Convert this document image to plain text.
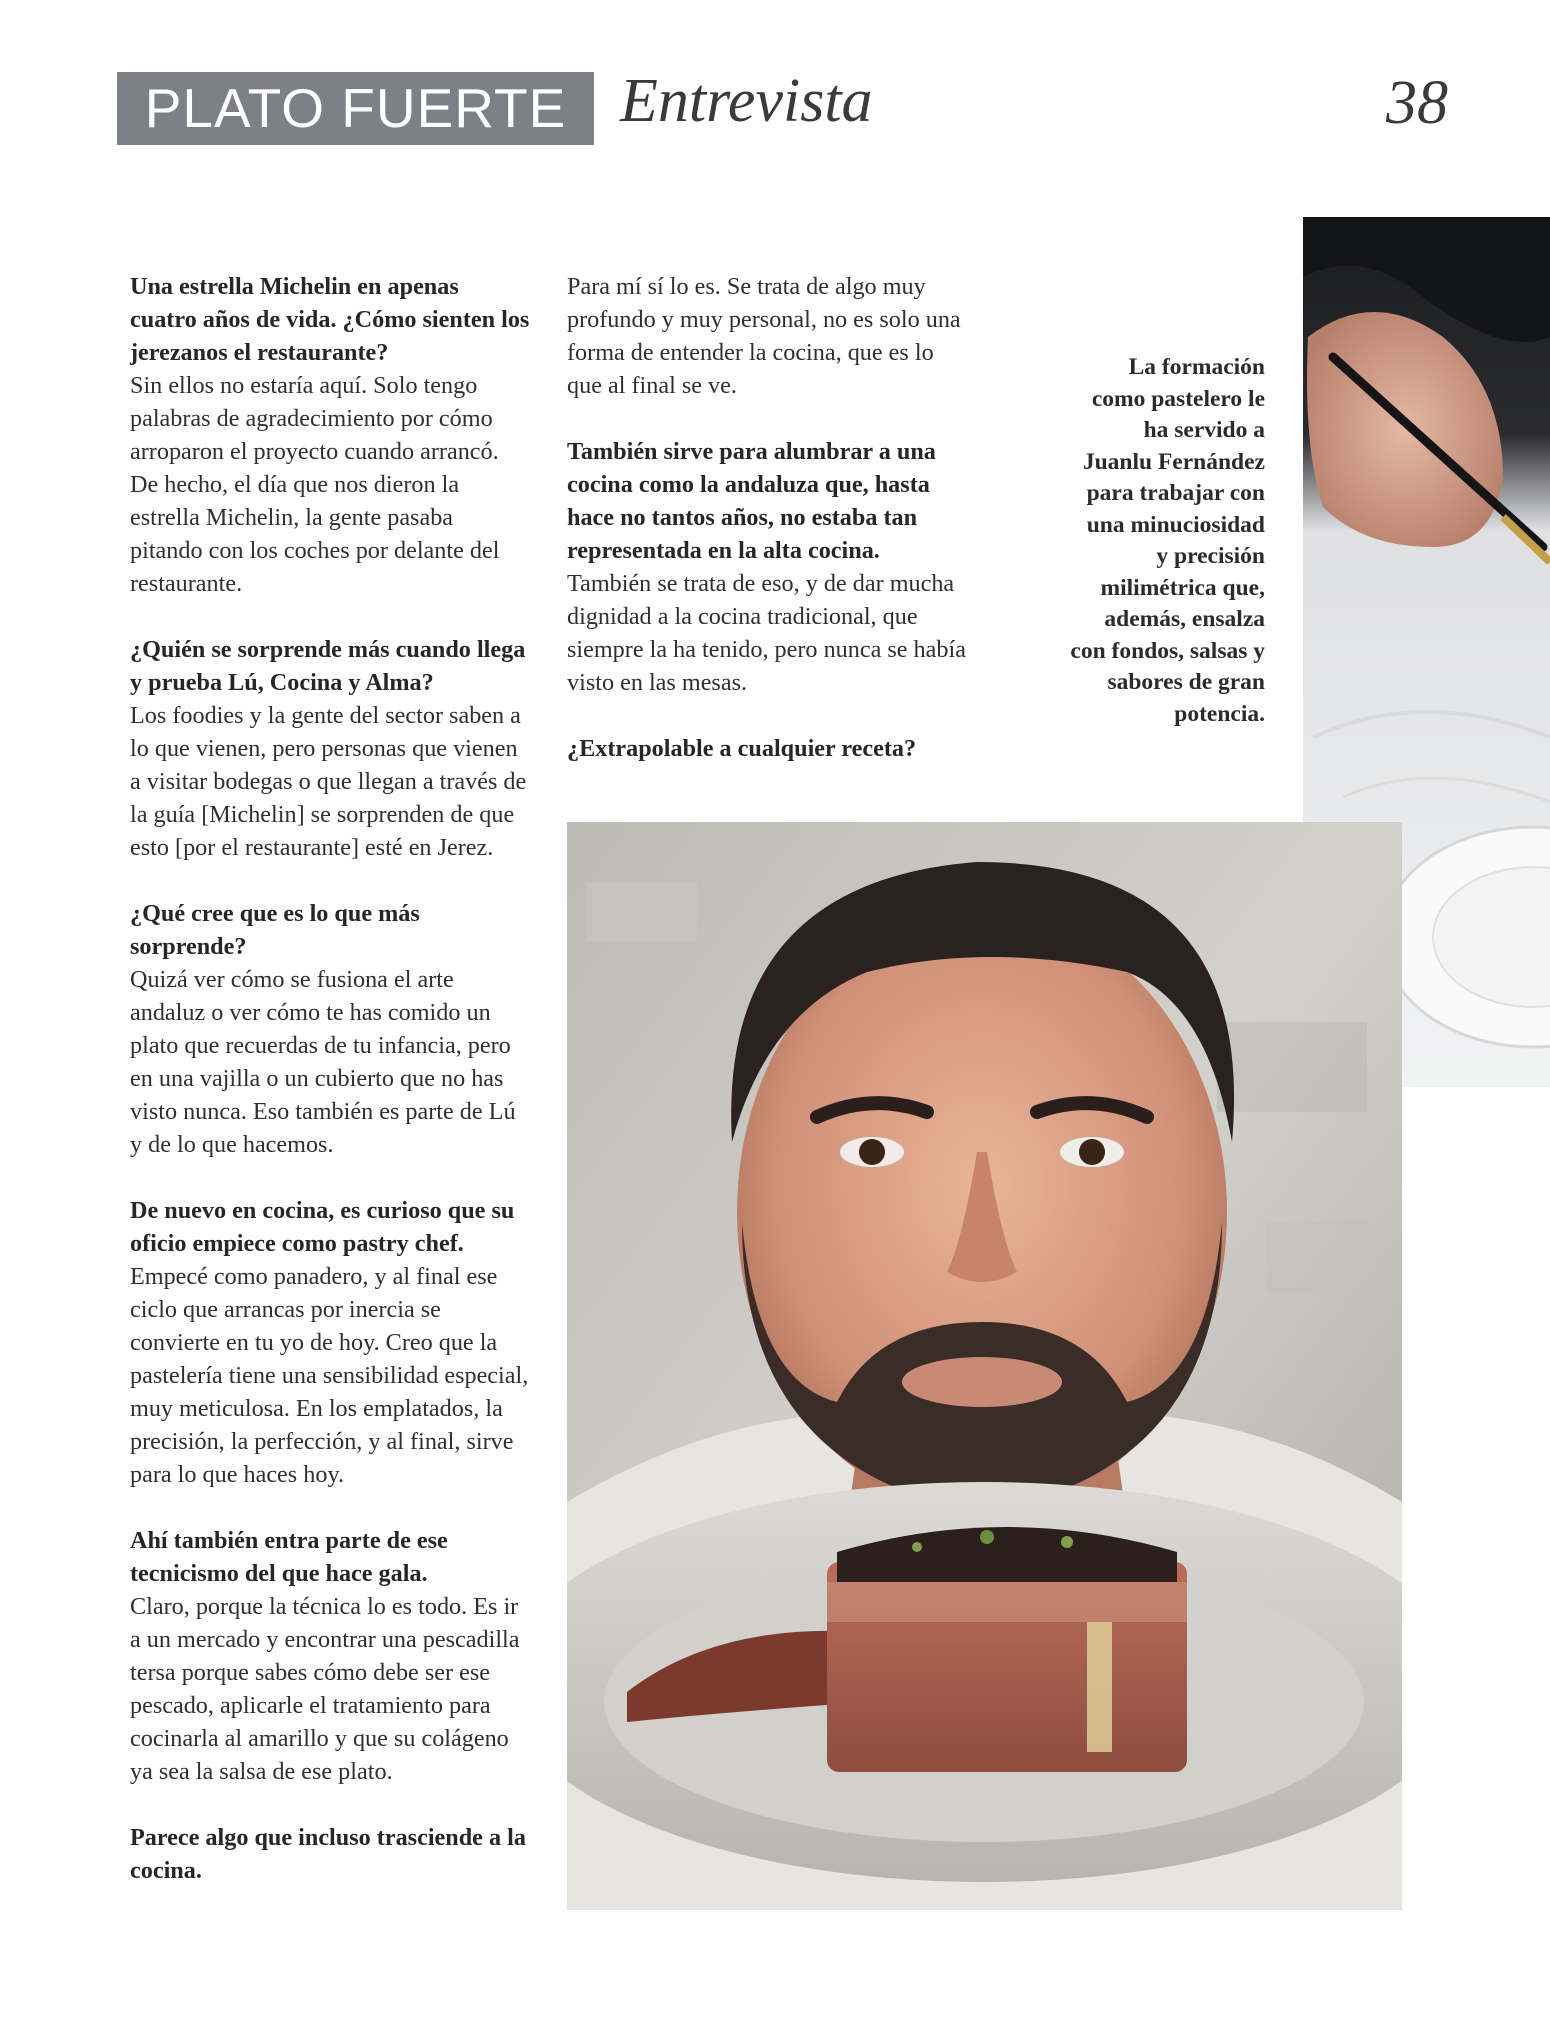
PLATO FUERTE Entrevista	38

Una estrella Michelin en apenas cuatro años de vida. ¿Cómo sienten los jerezanos el restaurante?
Sin ellos no estaría aquí. Solo tengo palabras de agradecimiento por cómo arroparon el proyecto cuando arrancó. De hecho, el día que nos dieron la estrella Michelin, la gente pasaba pitando con los coches por delante del restaurante.

¿Quién se sorprende más cuando llega y prueba Lú, Cocina y Alma?
Los foodies y la gente del sector saben a lo que vienen, pero personas que vienen a visitar bodegas o que llegan a través de la guía [Michelin] se sorprenden de que esto [por el restaurante] esté en Jerez.

¿Qué cree que es lo que más sorprende?
Quizá ver cómo se fusiona el arte andaluz o ver cómo te has comido un plato que recuerdas de tu infancia, pero en una vajilla o un cubierto que no has visto nunca. Eso también es parte de Lú y de lo que hacemos.

De nuevo en cocina, es curioso que su oficio empiece como pastry chef.
Empecé como panadero, y al final ese ciclo que arrancas por inercia se convierte en tu yo de hoy. Creo que la pastelería tiene una sensibilidad especial, muy meticulosa. En los emplatados, la precisión, la perfección, y al final, sirve para lo que haces hoy.

Ahí también entra parte de ese tecnicismo del que hace gala.
Claro, porque la técnica lo es todo. Es ir a un mercado y encontrar una pescadilla tersa porque sabes cómo debe ser ese pescado, aplicarle el tratamiento para cocinarla al amarillo y que su colágeno ya sea la salsa de ese plato.

Parece algo que incluso trasciende a la cocina.

Para mí sí lo es. Se trata de algo muy profundo y muy personal, no es solo una forma de entender la cocina, que es lo que al final se ve.

También sirve para alumbrar a una cocina como la andaluza que, hasta hace no tantos años, no estaba tan representada en la alta cocina.
También se trata de eso, y de dar mucha dignidad a la cocina tradicional, que siempre la ha tenido, pero nunca se había visto en las mesas.

¿Extrapolable a cualquier receta?

La formación como pastelero le ha servido a Juanlu Fernández para trabajar con una minuciosidad y precisión milimétrica que, además, ensalza con fondos, salsas y sabores de gran potencia.
